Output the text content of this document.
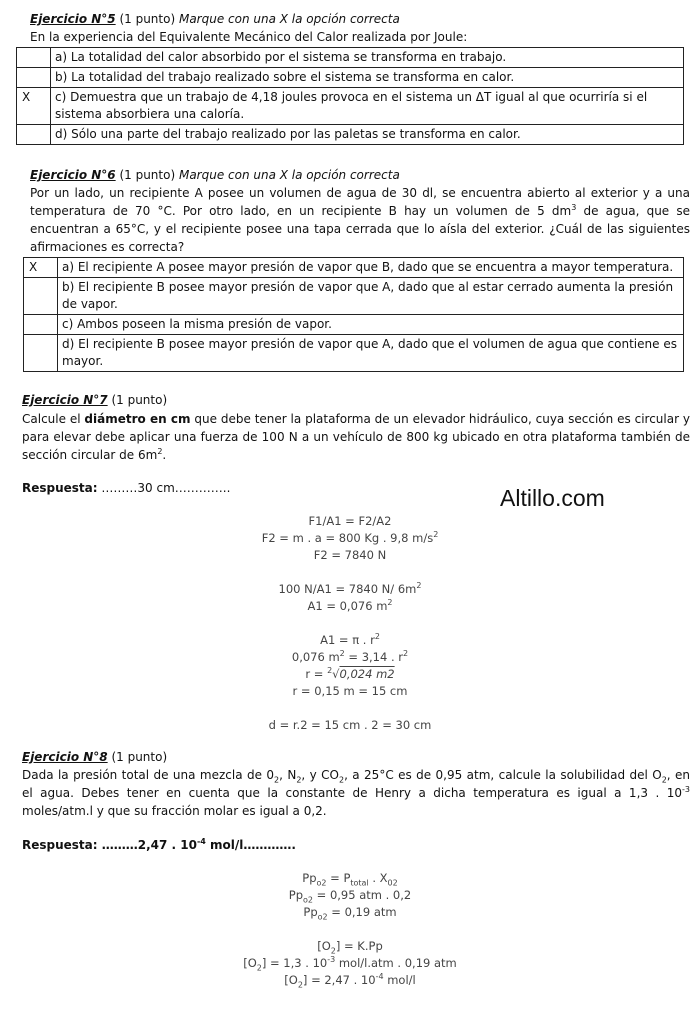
Ejercicio N°5 (1 punto) Marque con una X la opción correcta
En la experiencia del Equivalente Mecánico del Calor realizada por Joule:
	a) La totalidad del calor absorbido por el sistema se transforma en trabajo.
	b) La totalidad del trabajo realizado sobre el sistema se transforma en calor.
X	c) Demuestra que un trabajo de 4,18 joules provoca en el sistema un ΔT igual al que ocurriría si el sistema absorbiera una caloría.
	d) Sólo una parte del trabajo realizado por las paletas se transforma en calor.
Ejercicio N°6 (1 punto) Marque con una X la opción correcta
Por un lado, un recipiente A posee un volumen de agua de 30 dl, se encuentra abierto al exterior y a una temperatura de 70 °C. Por otro lado, en un recipiente B hay un volumen de 5 $dm^3$ de agua, que se encuentran a 65°C, y el recipiente posee una tapa cerrada que lo aísla del exterior. ¿Cuál de las siguientes afirmaciones es correcta?
X	a) El recipiente A posee mayor presión de vapor que B, dado que se encuentra a mayor temperatura.
	b) El recipiente B posee mayor presión de vapor que A, dado que al estar cerrado aumenta la presión de vapor.
	c) Ambos poseen la misma presión de vapor.
	d) El recipiente B posee mayor presión de vapor que A, dado que el volumen de agua que contiene es mayor.
Ejercicio N°7 (1 punto)
Calcule el diámetro en cm que debe tener la plataforma de un elevador hidráulico, cuya sección es circular y para elevar debe aplicar una fuerza de 100 N a un vehículo de 800 kg ubicado en otra plataforma también de sección circular de $6m^2$.
Respuesta: ………30 cm…………..	Altillo.com
F1/A1 = F2/A2
F2 = m . a = 800 Kg . 9,8 $m/s^2$
F2 = 7840 N
100 N/A1 = 7840 N/ $6m^2$
A1 = 0,076 $m^2$
A1 = π . $r^2$
0,076 $m^2 = 3,14$ . $r^2$
r = $^2$√0,024 m2
r = 0,15 m = 15 cm
d = r.2 = 15 cm . 2 = 30 cm
Ejercicio N°8 (1 punto)
Dada la presión total de una mezcla de $0_2$, $N_2$, y $CO_2$, a 25°C es de 0,95 atm, calcule la solubilidad del $O_2$, en el agua. Debes tener en cuenta que la constante de Henry a dicha temperatura es igual a 1,3 . $10^{-3}$ moles/atm.l y que su fracción molar es igual a 0,2.
Respuesta: ………2,47 . $10^{-4}$ mol/l………….
$Pp_{o2} = P_{total}$ . $X_{02}$
$Pp_{o2} = 0,95$ atm . 0,2
$Pp_{o2} = 0,19$ atm
$[O_2] = K.Pp$
$[O_2] = 1,3$ . $10^{-3}$ mol/l.atm . 0,19 atm
$[O_2] = 2,47$ . $10^{-4}$ mol/l
